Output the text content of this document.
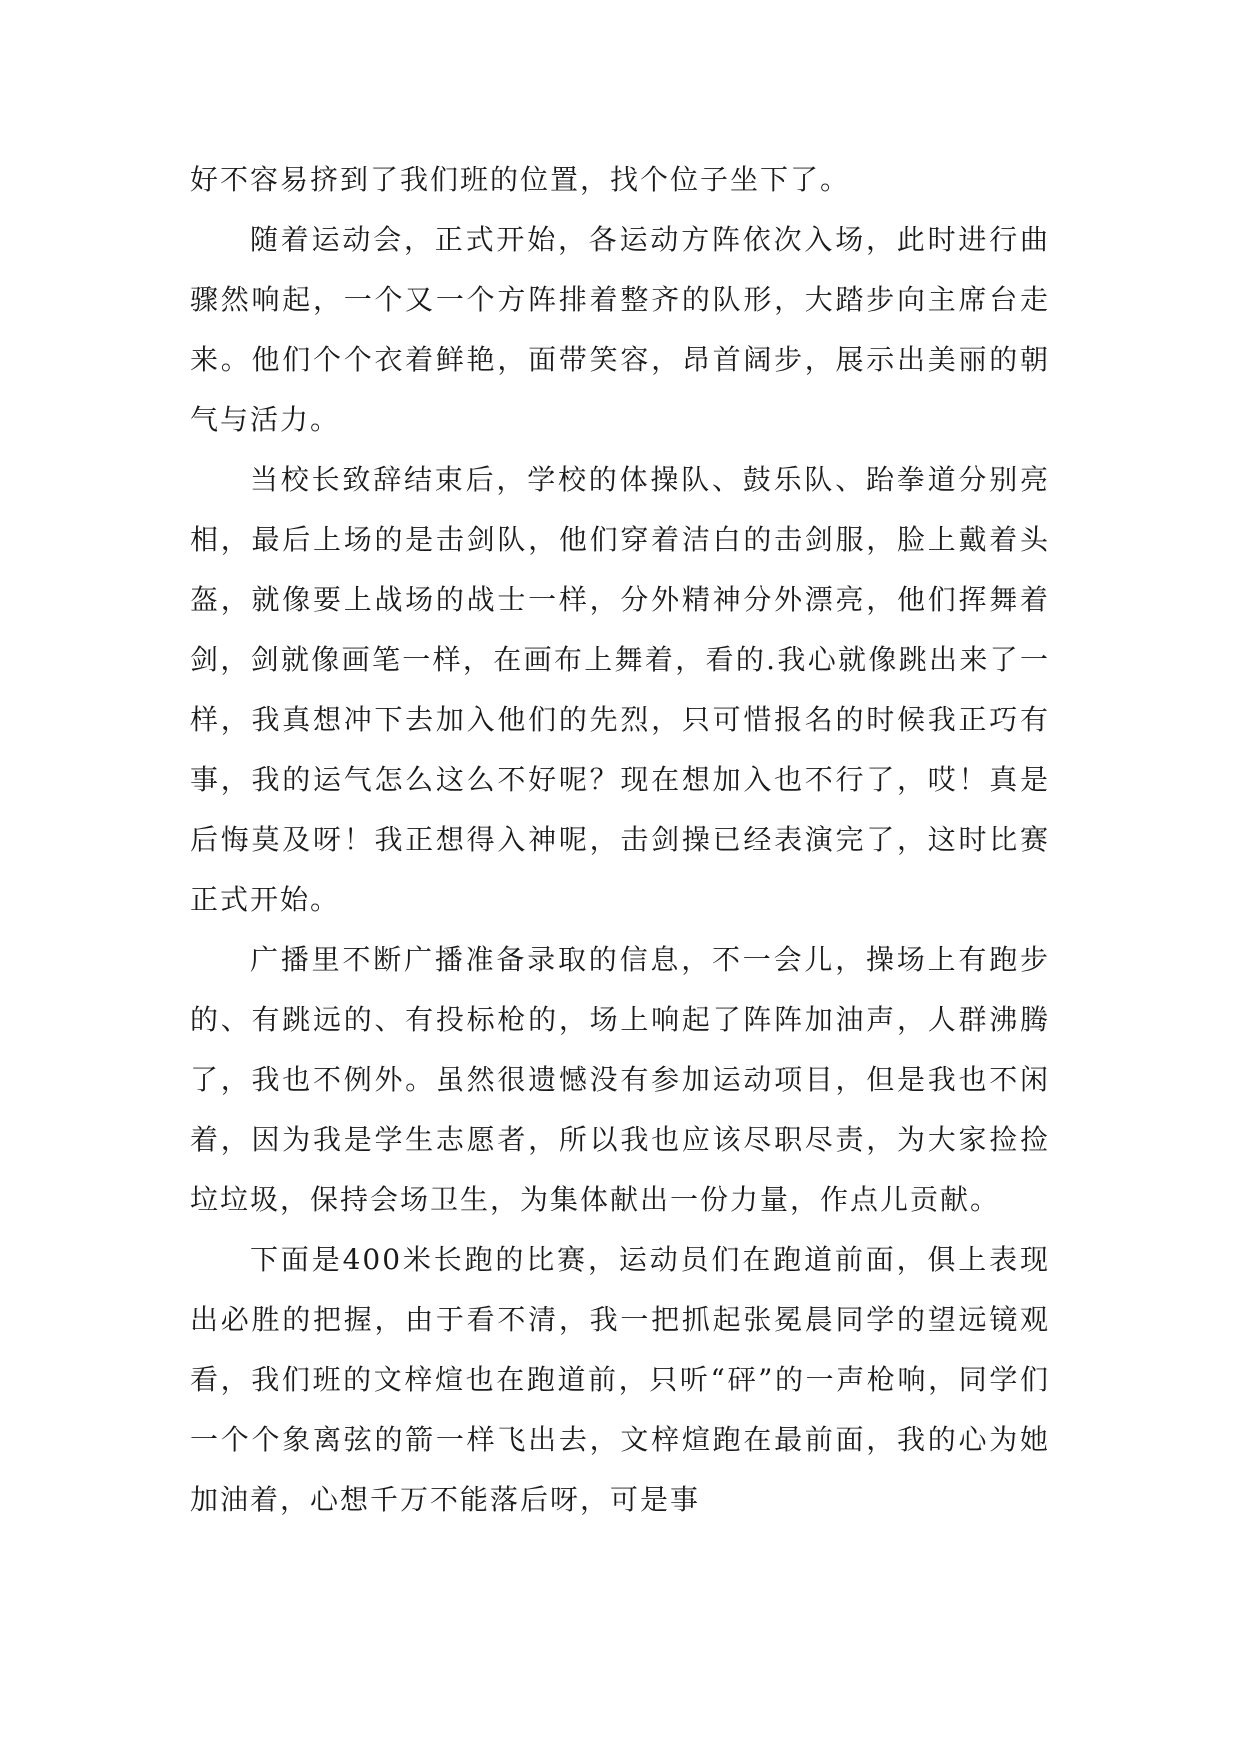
好不容易挤到了我们班的位置，找个位子坐下了。

随着运动会，正式开始，各运动方阵依次入场，此时进行曲骤然响起，一个又一个方阵排着整齐的队形，大踏步向主席台走来。他们个个衣着鲜艳，面带笑容，昂首阔步，展示出美丽的朝气与活力。

当校长致辞结束后，学校的体操队、鼓乐队、跆拳道分别亮相，最后上场的是击剑队，他们穿着洁白的击剑服，脸上戴着头盔，就像要上战场的战士一样，分外精神分外漂亮，他们挥舞着剑，剑就像画笔一样，在画布上舞着，看的.我心就像跳出来了一样，我真想冲下去加入他们的先烈，只可惜报名的时候我正巧有事，我的运气怎么这么不好呢？现在想加入也不行了，哎！真是后悔莫及呀！我正想得入神呢，击剑操已经表演完了，这时比赛正式开始。

广播里不断广播准备录取的信息，不一会儿，操场上有跑步的、有跳远的、有投标枪的，场上响起了阵阵加油声，人群沸腾了，我也不例外。虽然很遗憾没有参加运动项目，但是我也不闲着，因为我是学生志愿者，所以我也应该尽职尽责，为大家捡捡垃垃圾，保持会场卫生，为集体献出一份力量，作点儿贡献。

下面是400米长跑的比赛，运动员们在跑道前面，俱上表现出必胜的把握，由于看不清，我一把抓起张冕晨同学的望远镜观看，我们班的文梓煊也在跑道前，只听“砰”的一声枪响，同学们一个个象离弦的箭一样飞出去，文梓煊跑在最前面，我的心为她加油着，心想千万不能落后呀，可是事
